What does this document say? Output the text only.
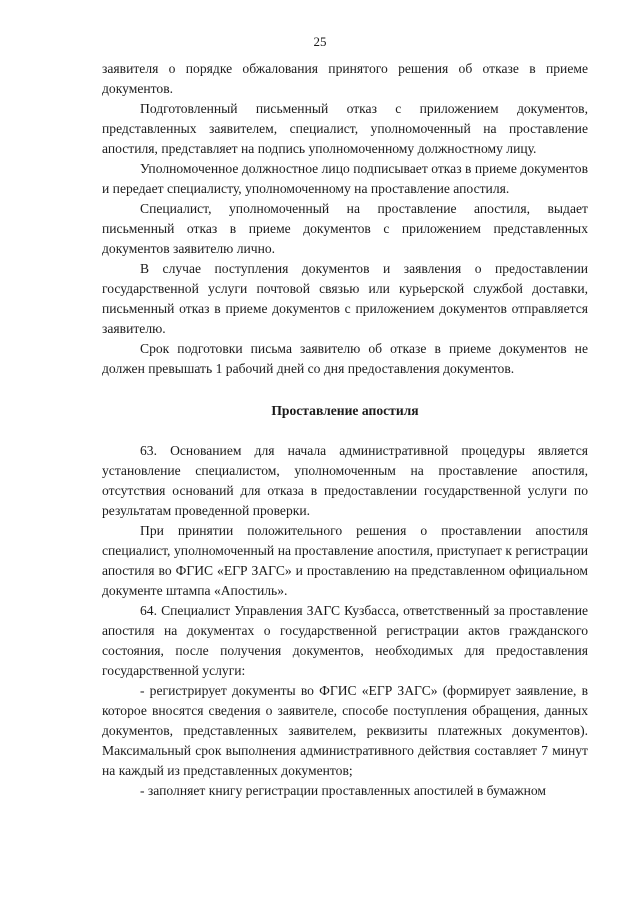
25

заявителя о порядке обжалования принятого решения об отказе в приеме документов.

Подготовленный письменный отказ с приложением документов, представленных заявителем, специалист, уполномоченный на проставление апостиля, представляет на подпись уполномоченному должностному лицу.

Уполномоченное должностное лицо подписывает отказ в приеме документов и передает специалисту, уполномоченному на проставление апостиля.

Специалист, уполномоченный на проставление апостиля, выдает письменный отказ в приеме документов с приложением представленных документов заявителю лично.

В случае поступления документов и заявления о предоставлении государственной услуги почтовой связью или курьерской службой доставки, письменный отказ в приеме документов с приложением документов отправляется заявителю.

Срок подготовки письма заявителю об отказе в приеме документов не должен превышать 1 рабочий дней со дня предоставления документов.

Проставление апостиля

63. Основанием для начала административной процедуры является установление специалистом, уполномоченным на проставление апостиля, отсутствия оснований для отказа в предоставлении государственной услуги по результатам проведенной проверки.

При принятии положительного решения о проставлении апостиля специалист, уполномоченный на проставление апостиля, приступает к регистрации апостиля во ФГИС «ЕГР ЗАГС» и проставлению на представленном официальном документе штампа «Апостиль».

64. Специалист Управления ЗАГС Кузбасса, ответственный за проставление апостиля на документах о государственной регистрации актов гражданского состояния, после получения документов, необходимых для предоставления государственной услуги:

- регистрирует документы во ФГИС «ЕГР ЗАГС» (формирует заявление, в которое вносятся сведения о заявителе, способе поступления обращения, данных документов, представленных заявителем, реквизиты платежных документов). Максимальный срок выполнения административного действия составляет 7 минут на каждый из представленных документов;

- заполняет книгу регистрации проставленных апостилей в бумажном
